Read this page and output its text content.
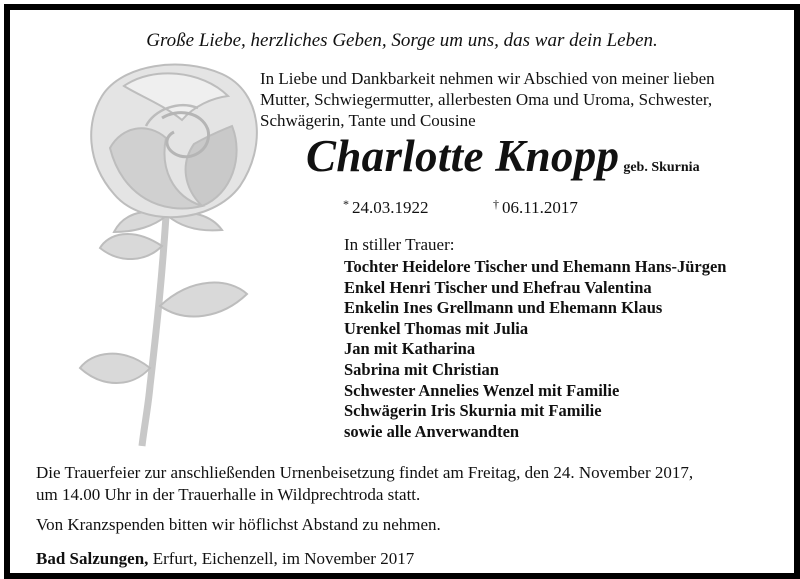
Große Liebe, herzliches Geben, Sorge um uns, das war dein Leben.
In Liebe und Dankbarkeit nehmen wir Abschied von meiner lieben
Mutter, Schwiegermutter, allerbesten Oma und Uroma, Schwester,
Schwägerin, Tante und Cousine
Charlotte Knopp geb. Skurnia
* 24.03.1922	† 06.11.2017
In stiller Trauer:
Tochter Heidelore Tischer und Ehemann Hans-Jürgen
Enkel Henri Tischer und Ehefrau Valentina
Enkelin Ines Grellmann und Ehemann Klaus
Urenkel Thomas mit Julia
Jan mit Katharina
Sabrina mit Christian
Schwester Annelies Wenzel mit Familie
Schwägerin Iris Skurnia mit Familie
sowie alle Anverwandten

Die Trauerfeier zur anschließenden Urnenbeisetzung findet am Freitag, den 24. November 2017,
um 14.00 Uhr in der Trauerhalle in Wildprechtroda statt.

Von Kranzspenden bitten wir höflichst Abstand zu nehmen.

Bad Salzungen, Erfurt, Eichenzell, im November 2017
